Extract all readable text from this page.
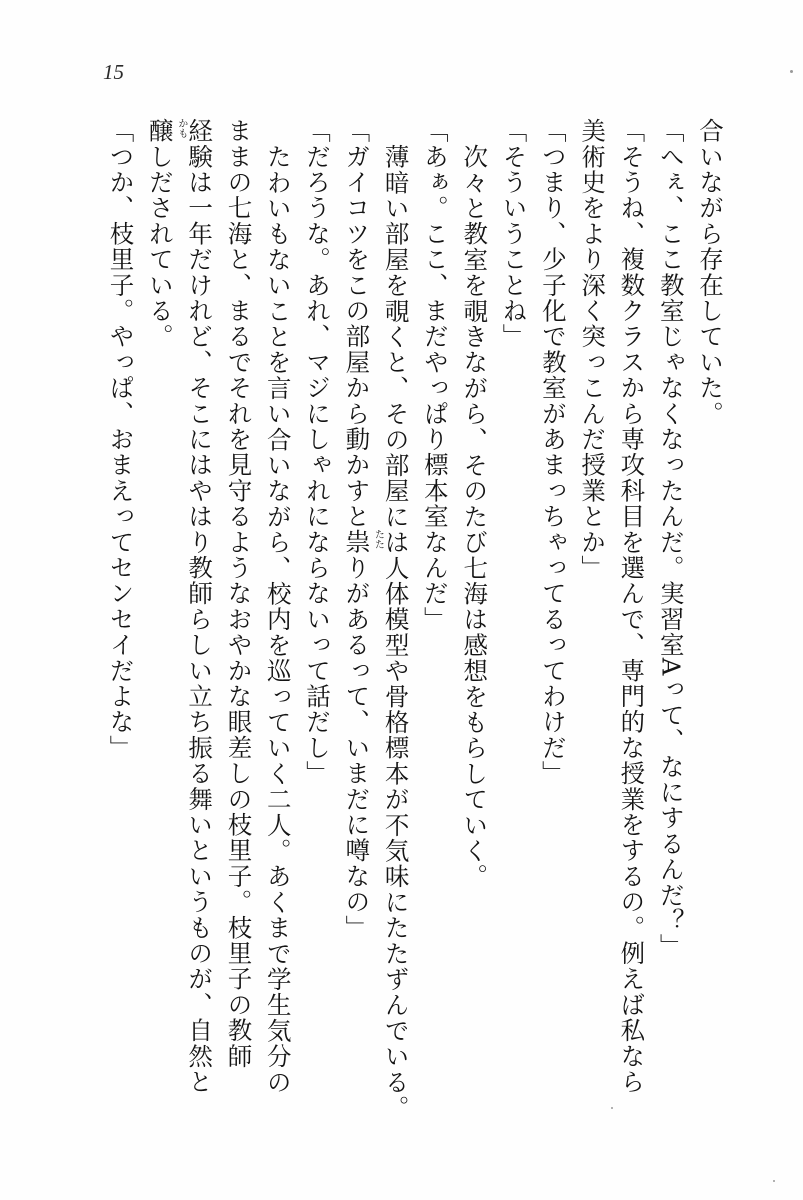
15
合いながら存在していた。
「へぇ、ここ教室じゃなくなったんだ。実習室Aって、なにするんだ？」
「そうね、複数クラスから専攻科目を選んで、専門的な授業をするの。例えば私なら
美術史をより深く突っこんだ授業とか」
「つまり、少子化で教室があまっちゃってるってわけだ」
「そういうことね」
次々と教室を覗きながら、そのたび七海は感想をもらしていく。
「あぁ。ここ、まだやっぱり標本室なんだ」
薄暗い部屋を覗くと、その部屋には人体模型や骨格標本が不気味にたたずんでいる。
「ガイコツをこの部屋から動かすと祟 たた
りがあるって、いまだに噂なの」
「だろうな。あれ、マジにしゃれにならないって話だし」
たわいもないことを言い合いながら、校内を巡っていく二人。あくまで学生気分の
ままの七海と、まるでそれを見守るようなおやかな眼差しの枝里子。枝里子の教師
経験は一年だけれど、そこにはやはり教師らしい立ち振る舞いというものが、自然と
醸 かも
しだされている。
「つか、枝里子。やっぱ、おまえってセンセイだよな」
